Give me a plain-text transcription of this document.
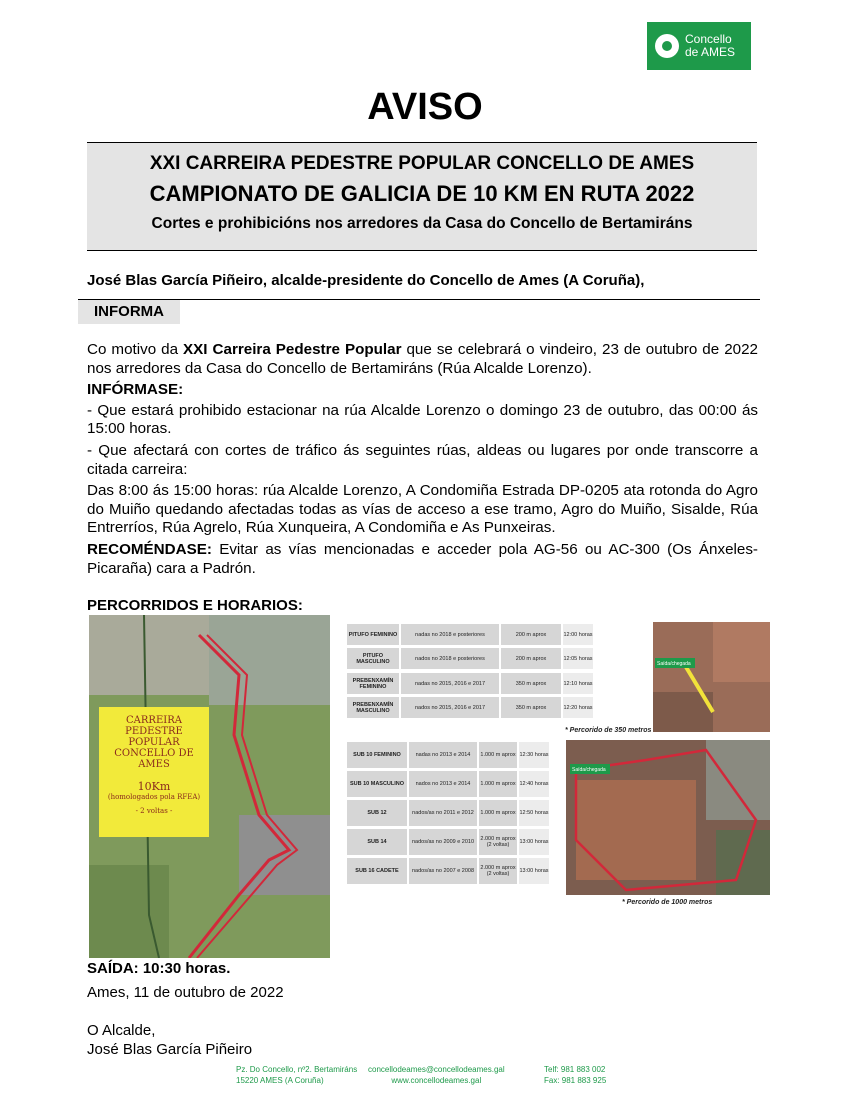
Concello
de AMES
AVISO
XXI CARREIRA PEDESTRE POPULAR CONCELLO DE AMES
CAMPIONATO DE GALICIA DE 10 KM EN RUTA 2022
Cortes e prohibicións nos arredores da Casa do Concello de Bertamiráns
José Blas García Piñeiro, alcalde-presidente do Concello de Ames (A Coruña),
INFORMA

Co motivo da XXI Carreira Pedestre Popular que se celebrará o vindeiro, 23 de outubro de 2022 nos arredores da Casa do Concello de Bertamiráns (Rúa Alcalde Lorenzo).

INFÓRMASE:

- Que estará prohibido estacionar na rúa Alcalde Lorenzo o domingo 23 de outubro, das 00:00 ás 15:00 horas.

- Que afectará con cortes de tráfico ás seguintes rúas, aldeas ou lugares por onde transcorre a citada carreira:

Das 8:00 ás 15:00 horas: rúa Alcalde Lorenzo, A Condomiña Estrada DP-0205 ata rotonda do Agro do Muiño quedando afectadas todas as vías de acceso a ese tramo, Agro do Muiño, Sisalde, Rúa Entrerríos, Rúa Agrelo, Rúa Xunqueira, A Condomiña e As Punxeiras.

RECOMÉNDASE: Evitar as vías mencionadas e acceder pola AG-56 ou AC-300 (Os Ánxeles-Picaraña) cara a Padrón.

PERCORRIDOS E HORARIOS:
CARREIRA
PEDESTRE
POPULAR
CONCELLO DE AMES
10Km
(homologados pola RFEA)
- 2 voltas -
PITUFO FEMININO	nadas no 2018 e posteriores	200 m aprox	12:00 horas
PITUFO MASCULINO	nados no 2018 e posteriores	200 m aprox	12:05 horas
PREBENXAMÍN FEMININO	nadas no 2015, 2016 e 2017	350 m aprox	12:10 horas
PREBENXAMÍN MASCULINO	nados no 2015, 2016 e 2017	350 m aprox	12:20 horas
* Percorido de 350 metros
Saída/chegada
SUB 10 FEMININO	nadas no 2013 e 2014	1.000 m aprox 12:30 horas
SUB 10 MASCULINO	nados no 2013 e 2014	1.000 m aprox 12:40 horas
SUB 12	nados/as no 2011 e 2012	1.000 m aprox 12:50 horas
SUB 14	nados/as no 2009 e 2010	2.000 m aprox (2 voltas)	13:00 horas
SUB 16 CADETE	nados/as no 2007 e 2008	2.000 m aprox (2 voltas)	13:00 horas
Saída/chegada
* Percorido de 1000 metros
SAÍDA: 10:30 horas.
Ames, 11 de outubro de 2022
O Alcalde,
José Blas García Piñeiro
Pz. Do Concello, nº2. Bertamiráns
15220 AMES (A Coruña)
concellodeames@concellodeames.gal
www.concellodeames.gal
Telf: 981 883 002
Fax: 981 883 925
